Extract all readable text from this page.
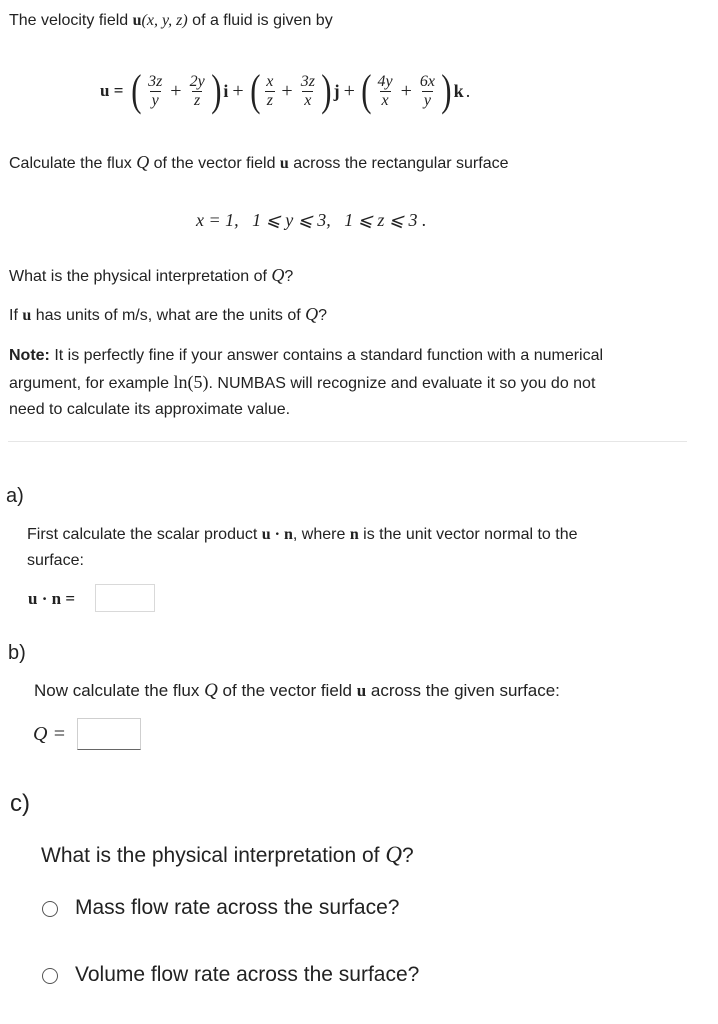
The velocity field u(x, y, z) of a fluid is given by
u = ( $\frac{3z}{y} + \frac{2y}{z}$ ) i + ( $\frac{x}{z} + \frac{3z}{x}$ ) j + ( $\frac{4y}{x} + \frac{6x}{y}$ ) k .
Calculate the flux Q of the vector field u across the rectangular surface
x = 1,   1 ⩽ y ⩽ 3,   1 ⩽ z ⩽ 3 .
What is the physical interpretation of Q?
If u has units of m/s, what are the units of Q?
Note: It is perfectly fine if your answer contains a standard function with a numerical
argument, for example ln(5). NUMBAS will recognize and evaluate it so you do not
need to calculate its approximate value.
a)
First calculate the scalar product u · n, where n is the unit vector normal to the
surface:
u · n =
b)
Now calculate the flux Q of the vector field u across the given surface:
Q =
c)
What is the physical interpretation of Q?
Mass flow rate across the surface?
Volume flow rate across the surface?
